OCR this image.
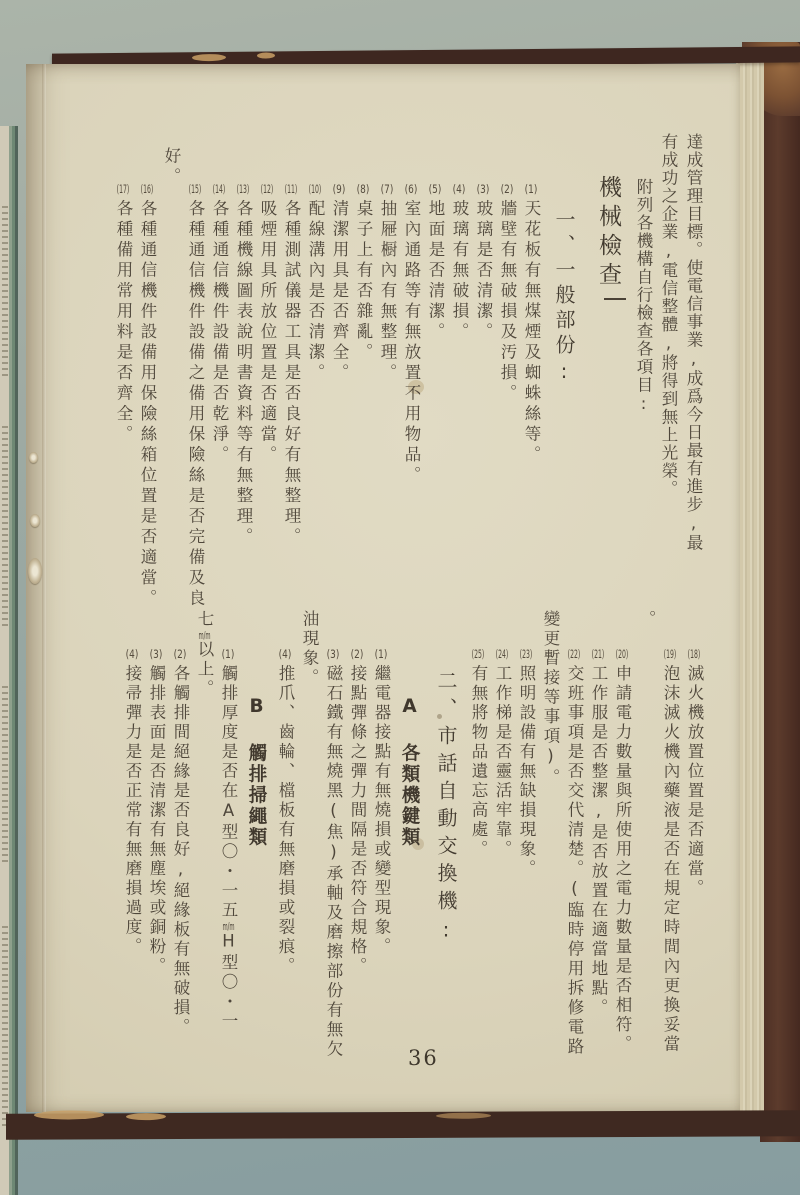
36
達成管理目標。使電信事業,成爲今日最有進步,最
有成功之企業,電信整體,將得到無上光榮。
附列各機構自行檢查各項目:
機械檢查
一、一般部份:
(1)天花板有無煤煙及蜘蛛絲等。
(2)牆壁有無破損及汚損。
(3)玻璃是否清潔。
(4)玻璃有無破損。
(5)地面是否清潔。
(6)室內通路等有無放置不用物品。
(7)抽屜橱內有無整理。
(8)桌子上有否雜亂。
(9)清潔用具是否齊全。
(10)配線溝內是否清潔。
(11)各種測試儀器工具是否良好有無整理。
(12)吸煙用具所放位置是否適當。
(13)各種機線圖表說明書資料等有無整理。
(14)各種通信機件設備是否乾淨。
(15)各種通信機件設備之備用保險絲是否完備及良
好。
(16)各種通信機件設備用保險絲箱位置是否適當。
(17)各種備用常用料是否齊全。
(18)滅火機放置位置是否適當。
(19)泡沫滅火機內藥液是否在規定時間內更換妥當
。
(20)申請電力數量與所使用之電力數量是否相符。
(21)工作服是否整潔,是否放置在適當地點。
(22)交班事項是否交代清楚。(臨時停用拆修電路
變更暫接等事項)。
(23)照明設備有無缺損現象。
(24)工作梯是否靈活牢靠。
(25)有無將物品遺忘高處。
二、市話自動交換機:
A 各類機鍵類
(1)繼電器接點有無燒損或變型現象。
(2)接點彈條之彈力間隔是否符合規格。
(3)磁石鐵有無燒黑(焦)承軸及磨擦部份有無欠
油現象。
(4)推爪、齒輪、檔板有無磨損或裂痕。
B 觸排掃繩類
(1)觸排厚度是否在A型〇・一五m/mH型〇・一
七m/m以上。
(2)各觸排間絕緣是否良好,絕緣板有無破損。
(3)觸排表面是否清潔有無塵埃或銅粉。
(4)接帚彈力是否正常有無磨損過度。
